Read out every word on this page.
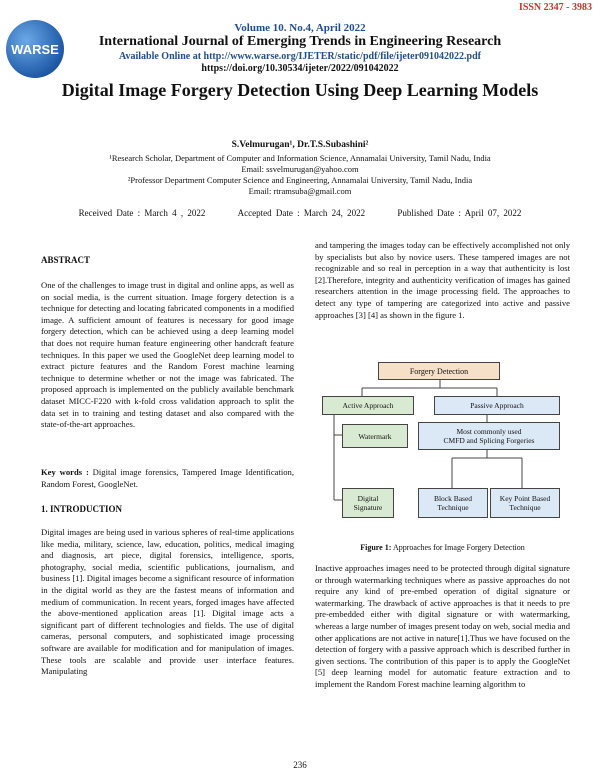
ISSN 2347 - 3983
WARSE
Volume 10. No.4, April 2022
International Journal of Emerging Trends in Engineering Research
Available Online at http://www.warse.org/IJETER/static/pdf/file/ijeter091042022.pdf
https://doi.org/10.30534/ijeter/2022/091042022
Digital Image Forgery Detection Using Deep Learning Models
S.Velmurugan¹, Dr.T.S.Subashini²
¹Research Scholar, Department of Computer and Information Science, Annamalai University, Tamil Nadu, India
Email: ssvelmurugan@yahoo.com
²Professor Department Computer Science and Engineering, Annamalai University, Tamil Nadu, India
Email: rtramsuba@gmail.com
Received Date : March 4 , 2022	Accepted Date : March 24, 2022	Published Date : April 07, 2022
ABSTRACT
One of the challenges to image trust in digital and online apps, as well as on social media, is the current situation. Image forgery detection is a technique for detecting and locating fabricated components in a modified image. A sufficient amount of features is necessary for good image forgery detection, which can be achieved using a deep learning model that does not require human feature engineering other handcraft feature techniques. In this paper we used the GoogleNet deep learning model to extract picture features and the Random Forest machine learning technique to determine whether or not the image was fabricated. The proposed approach is implemented on the publicly available benchmark dataset MICC-F220 with k-fold cross validation approach to split the data set in to training and testing dataset and also compared with the state-of-the-art approaches.
Key words : Digital image forensics, Tampered Image Identification, Random Forest, GoogleNet.
1. INTRODUCTION
Digital images are being used in various spheres of real-time applications like media, military, science, law, education, politics, medical imaging and diagnosis, art piece, digital forensics, intelligence, sports, photography, social media, scientific publications, journalism, and business [1]. Digital images become a significant resource of information in the digital world as they are the fastest means of information and medium of communication. In recent years, forged images have affected the above-mentioned application areas [1]. Digital image acts a significant part of different technologies and fields. The use of digital cameras, personal computers, and sophisticated image processing software are available for modification and for manipulation of images. These tools are scalable and provide user interface features. Manipulating
and tampering the images today can be effectively accomplished not only by specialists but also by novice users. These tampered images are not recognizable and so real in perception in a way that authenticity is lost [2].Therefore, integrity and authenticity verification of images has gained researchers attention in the image processing field. The approaches to detect any type of tampering are categorized into active and passive approaches [3] [4] as shown in the figure 1.
Forgery Detection
Active Approach	Passive Approach
Watermark	Most commonly used
CMFD and Splicing Forgeries
Digital
Signature
Block Based
Technique
Key Point Based
Technique
Figure 1: Approaches for Image Forgery Detection
Inactive approaches images need to be protected through digital signature or through watermarking techniques where as passive approaches do not require any kind of pre-embed operation of digital signature or watermarking. The drawback of active approaches is that it needs to pre pre-embedded either with digital signature or with watermarking, whereas a large number of images present today on web, social media and other applications are not active in nature[1].Thus we have focused on the detection of forgery with a passive approach which is described further in given sections. The contribution of this paper is to apply the GoogleNet [5] deep learning model for automatic feature extraction and to implement the Random Forest machine learning algorithm to
236
